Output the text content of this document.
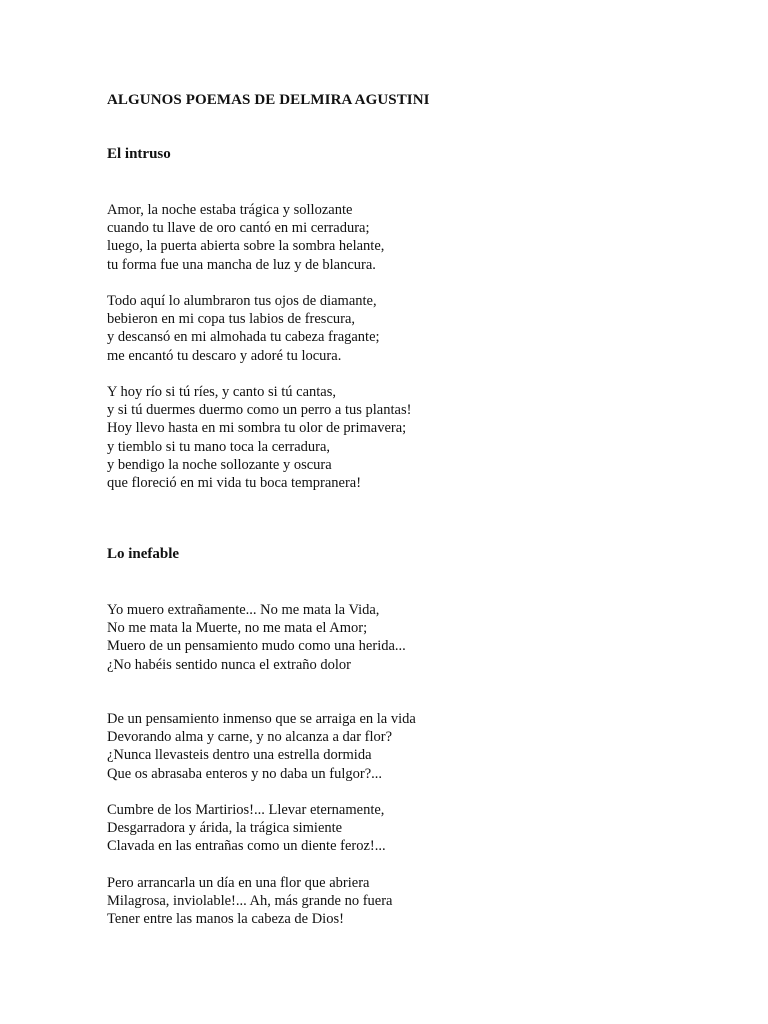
ALGUNOS POEMAS DE DELMIRA AGUSTINI
El intruso
Amor, la noche estaba trágica y sollozante
cuando tu llave de oro cantó en mi cerradura;
luego, la puerta abierta sobre la sombra helante,
tu forma fue una mancha de luz y de blancura.
Todo aquí lo alumbraron tus ojos de diamante,
bebieron en mi copa tus labios de frescura,
y descansó en mi almohada tu cabeza fragante;
me encantó tu descaro y adoré tu locura.
Y hoy río si tú ríes, y canto si tú cantas,
y si tú duermes duermo como un perro a tus plantas!
Hoy llevo hasta en mi sombra tu olor de primavera;
y tiemblo si tu mano toca la cerradura,
y bendigo la noche sollozante y oscura
que floreció en mi vida tu boca tempranera!
Lo inefable
Yo muero extrañamente... No me mata la Vida,
No me mata la Muerte, no me mata el Amor;
Muero de un pensamiento mudo como una herida...
¿No habéis sentido nunca el extraño dolor
De un pensamiento inmenso que se arraiga en la vida
Devorando alma y carne, y no alcanza a dar flor?
¿Nunca llevasteis dentro una estrella dormida
Que os abrasaba enteros y no daba un fulgor?...
Cumbre de los Martirios!... Llevar eternamente,
Desgarradora y árida, la trágica simiente
Clavada en las entrañas como un diente feroz!...
Pero arrancarla un día en una flor que abriera
Milagrosa, inviolable!... Ah, más grande no fuera
Tener entre las manos la cabeza de Dios!
